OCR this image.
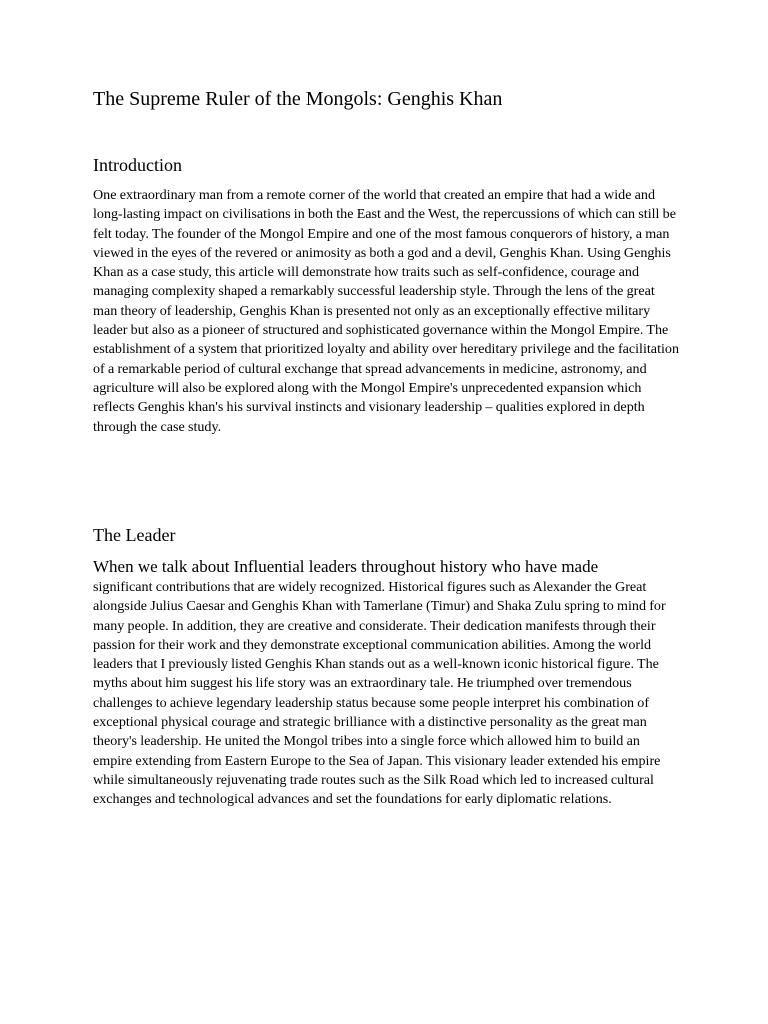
The Supreme Ruler of the Mongols: Genghis Khan
Introduction

One extraordinary man from a remote corner of the world that created an empire that had a wide and long-lasting impact on civilisations in both the East and the West, the repercussions of which can still be felt today. The founder of the Mongol Empire and one of the most famous conquerors of history, a man viewed in the eyes of the revered or animosity as both a god and a devil, Genghis Khan. Using Genghis Khan as a case study, this article will demonstrate how traits such as self-confidence, courage and managing complexity shaped a remarkably successful leadership style. Through the lens of the great man theory of leadership, Genghis Khan is presented not only as an exceptionally effective military leader but also as a pioneer of structured and sophisticated governance within the Mongol Empire. The establishment of a system that prioritized loyalty and ability over hereditary privilege and the facilitation of a remarkable period of cultural exchange that spread advancements in medicine, astronomy, and agriculture will also be explored along with the Mongol Empire's unprecedented expansion which reflects Genghis khan's his survival instincts and visionary leadership – qualities explored in depth through the case study.

The Leader

When we talk about Influential leaders throughout history who have made

significant contributions that are widely recognized. Historical figures such as Alexander the Great alongside Julius Caesar and Genghis Khan with Tamerlane (Timur) and Shaka Zulu spring to mind for many people. In addition, they are creative and considerate. Their dedication manifests through their passion for their work and they demonstrate exceptional communication abilities. Among the world leaders that I previously listed Genghis Khan stands out as a well-known iconic historical figure. The myths about him suggest his life story was an extraordinary tale. He triumphed over tremendous challenges to achieve legendary leadership status because some people interpret his combination of exceptional physical courage and strategic brilliance with a distinctive personality as the great man theory's leadership. He united the Mongol tribes into a single force which allowed him to build an empire extending from Eastern Europe to the Sea of Japan. This visionary leader extended his empire while simultaneously rejuvenating trade routes such as the Silk Road which led to increased cultural exchanges and technological advances and set the foundations for early diplomatic relations.
